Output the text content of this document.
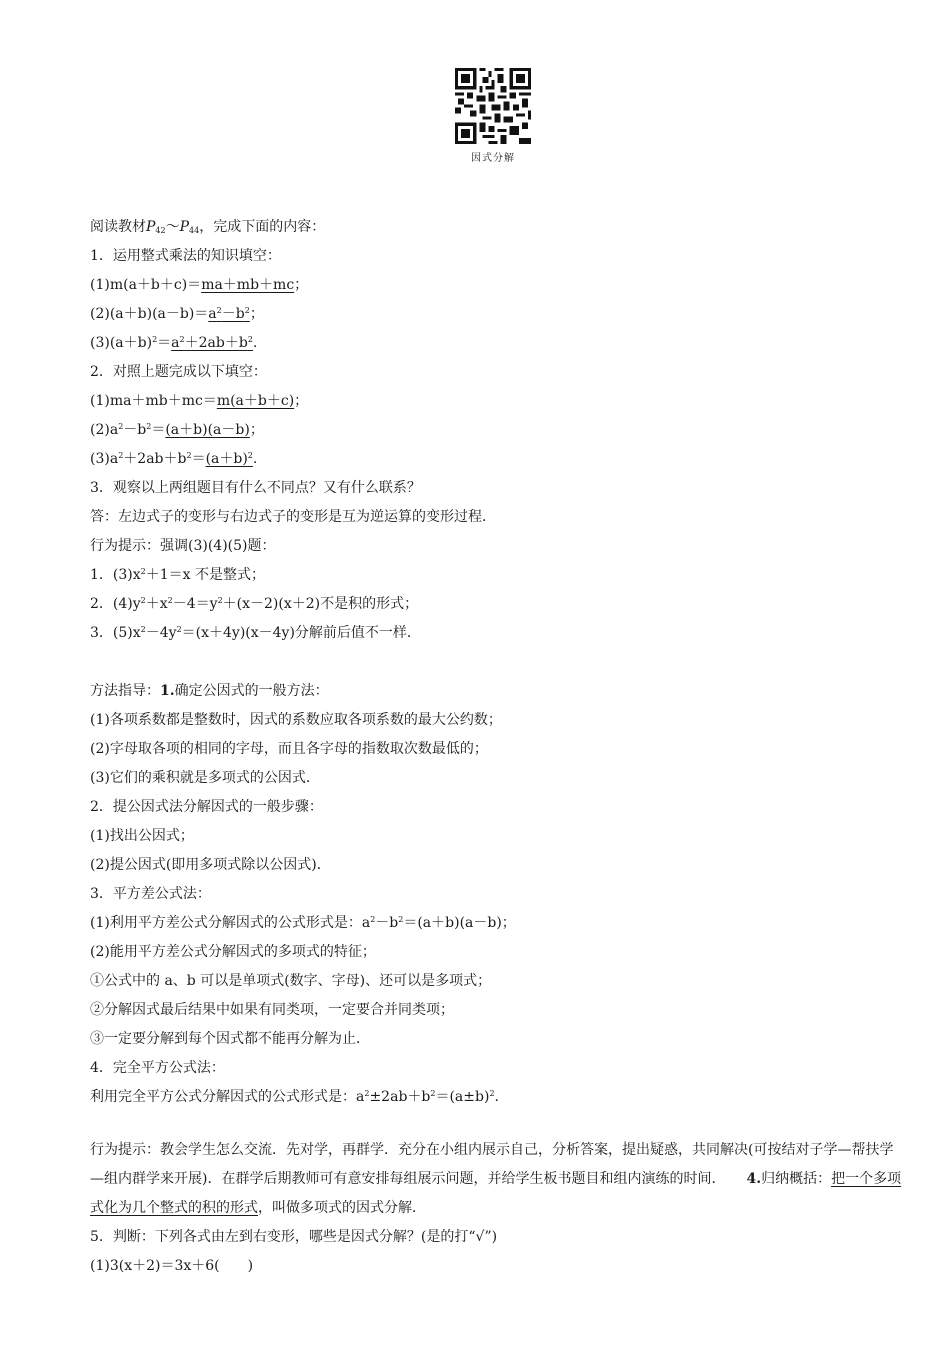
因式分解
阅读教材$P_{42}\sim P_{44}$，完成下面的内容：
1．运用整式乘法的知识填空：
(1)m(a＋b＋c)＝ma＋mb＋mc；
$(2)(a+b)(a-b)=a^2-b^2$；
$(3)(a+b)^2=a^2+2ab+b^2$.
2．对照上题完成以下填空：
(1)ma＋mb＋mc＝m(a＋b＋c)；
$(2)a^2-b^2=(a+b)(a-b)$；
$(3)a^2+2ab+b^2=(a+b)^2$.
3．观察以上两组题目有什么不同点？又有什么联系？
答：左边式子的变形与右边式子的变形是互为逆运算的变形过程．
行为提示：强调(3)(4)(5)题：
1．$(3)x^2+1=x$ 不是整式；
2．$(4)y^2+x^2-4=y^2+(x-2)(x+2)$不是积的形式；
3．$(5)x^2-4y^2=(x+4y)(x-4y)$分解前后值不一样．
方法指导：1.确定公因式的一般方法：
(1)各项系数都是整数时，因式的系数应取各项系数的最大公约数；
(2)字母取各项的相同的字母，而且各字母的指数取次数最低的；
(3)它们的乘积就是多项式的公因式．
2．提公因式法分解因式的一般步骤：
(1)找出公因式；
(2)提公因式(即用多项式除以公因式)．
3．平方差公式法：
(1)利用平方差公式分解因式的公式形式是：$a^2-b^2=(a+b)(a-b)$；
(2)能用平方差公式分解因式的多项式的特征；
①公式中的 a、b 可以是单项式(数字、字母)、还可以是多项式；
②分解因式最后结果中如果有同类项，一定要合并同类项；
③一定要分解到每个因式都不能再分解为止．
4．完全平方公式法：
利用完全平方公式分解因式的公式形式是：$a^2\pm 2ab+b^2=(a\pm b)^2$.
行为提示：教会学生怎么交流．先对学，再群学．充分在小组内展示自己，分析答案，提出疑惑，共同解决(可按结对子学—帮扶学—组内群学来开展)．在群学后期教师可有意安排每组展示问题，并给学生板书题目和组内演练的时间．　　 4.归纳概括：把一个多项式化为几个整式的积的形式，叫做多项式的因式分解．
5．判断：下列各式由左到右变形，哪些是因式分解？(是的打“√”)
(1)3(x＋2)＝3x＋6(　　)
